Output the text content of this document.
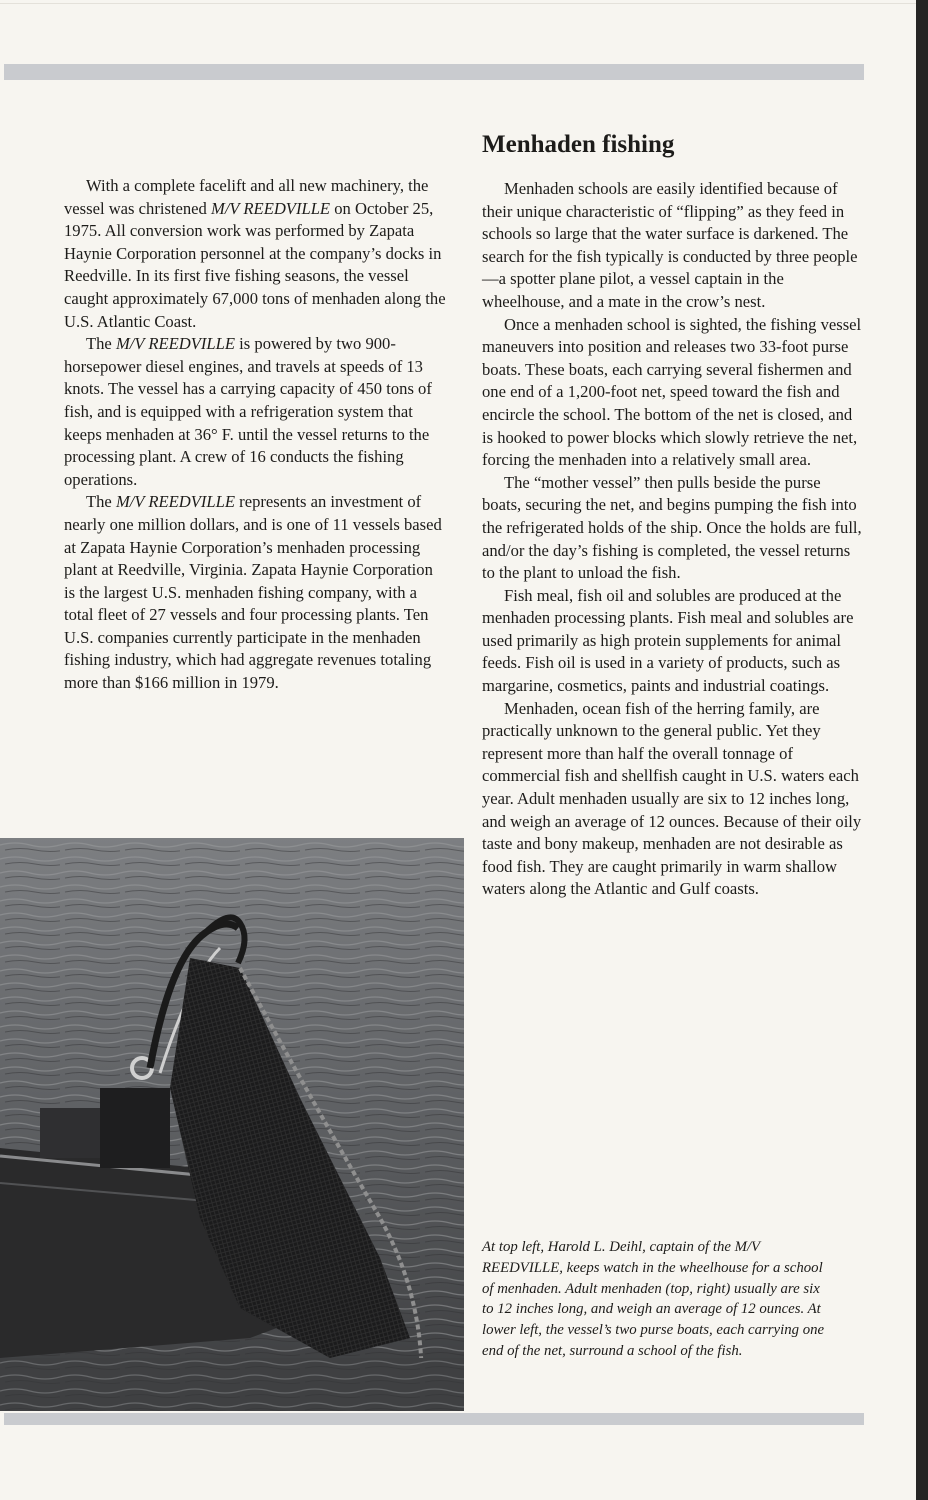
Menhaden fishing

With a complete facelift and all new machinery, the vessel was christened M/V REEDVILLE on October 25, 1975. All conversion work was performed by Zapata Haynie Corporation personnel at the company’s docks in Reedville. In its first five fishing seasons, the vessel caught approximately 67,000 tons of menhaden along the U.S. Atlantic Coast.

The M/V REEDVILLE is powered by two 900-horsepower diesel engines, and travels at speeds of 13 knots. The vessel has a carrying capacity of 450 tons of fish, and is equipped with a refrigeration system that keeps menhaden at 36° F. until the vessel returns to the processing plant. A crew of 16 conducts the fishing operations.

The M/V REEDVILLE represents an investment of nearly one million dollars, and is one of 11 vessels based at Zapata Haynie Corporation’s menhaden processing plant at Reedville, Virginia. Zapata Haynie Corporation is the largest U.S. menhaden fishing company, with a total fleet of 27 vessels and four processing plants. Ten U.S. companies currently participate in the menhaden fishing industry, which had aggregate revenues totaling more than $166 million in 1979.

Menhaden schools are easily identified because of their unique characteristic of “flipping” as they feed in schools so large that the water surface is darkened. The search for the fish typically is conducted by three people—a spotter plane pilot, a vessel captain in the wheelhouse, and a mate in the crow’s nest.

Once a menhaden school is sighted, the fishing vessel maneuvers into position and releases two 33-foot purse boats. These boats, each carrying several fishermen and one end of a 1,200-foot net, speed toward the fish and encircle the school. The bottom of the net is closed, and is hooked to power blocks which slowly retrieve the net, forcing the menhaden into a relatively small area.

The “mother vessel” then pulls beside the purse boats, securing the net, and begins pumping the fish into the refrigerated holds of the ship. Once the holds are full, and/or the day’s fishing is completed, the vessel returns to the plant to unload the fish.

Fish meal, fish oil and solubles are produced at the menhaden processing plants. Fish meal and solubles are used primarily as high protein supplements for animal feeds. Fish oil is used in a variety of products, such as margarine, cosmetics, paints and industrial coatings.

Menhaden, ocean fish of the herring family, are practically unknown to the general public. Yet they represent more than half the overall tonnage of commercial fish and shellfish caught in U.S. waters each year. Adult menhaden usually are six to 12 inches long, and weigh an average of 12 ounces. Because of their oily taste and bony makeup, menhaden are not desirable as food fish. They are caught primarily in warm shallow waters along the Atlantic and Gulf coasts.

At top left, Harold L. Deihl, captain of the M/V REEDVILLE, keeps watch in the wheelhouse for a school of menhaden. Adult menhaden (top, right) usually are six to 12 inches long, and weigh an average of 12 ounces. At lower left, the vessel’s two purse boats, each carrying one end of the net, surround a school of the fish.
